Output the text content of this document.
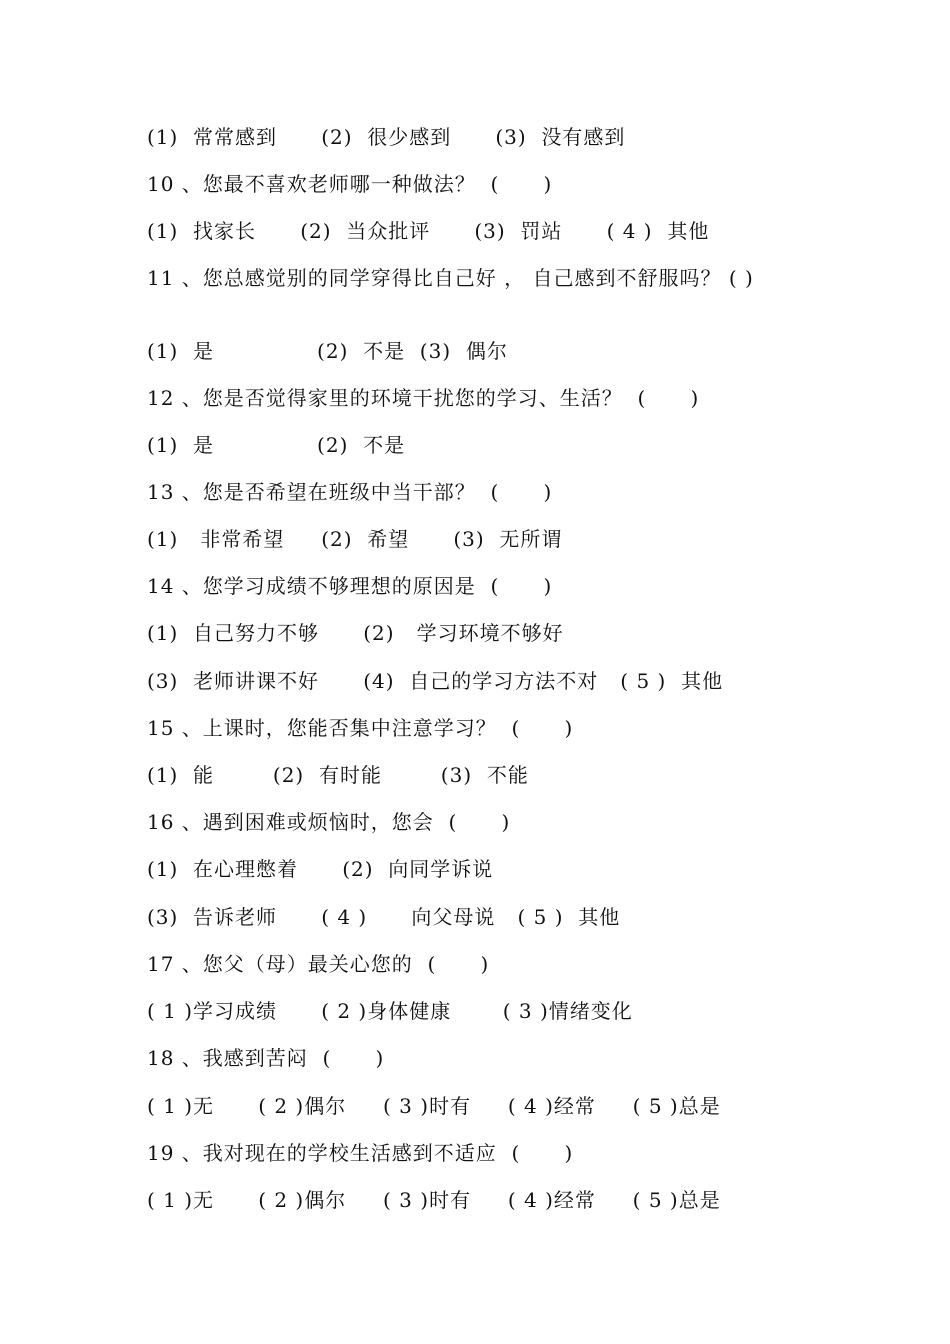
(1)  常常感到      (2)  很少感到      (3)  没有感到
10 、您最不喜欢老师哪一种做法？  (      )
(1)  找家长      (2)  当众批评      (3)  罚站      ( 4 )  其他
11 、您总感觉别的同学穿得比自己好 ， 自己感到不舒服吗？ ( )
(1)  是              (2)  不是  (3)  偶尔
12 、您是否觉得家里的环境干扰您的学习、生活？  (      )
(1)  是              (2)  不是
13 、您是否希望在班级中当干部？  (      )
(1)   非常希望     (2)  希望      (3)  无所谓
14 、您学习成绩不够理想的原因是  (      )
(1)  自己努力不够      (2)   学习环境不够好
(3)  老师讲课不好      (4)  自己的学习方法不对   ( 5 )  其他
15 、上课时，您能否集中注意学习？  (      )
(1)  能        (2)  有时能        (3)  不能
16 、遇到困难或烦恼时，您会  (      )
(1)  在心理憋着      (2)  向同学诉说
(3)  告诉老师      ( 4 )      向父母说   ( 5 )  其他
17 、您父（母）最关心您的  (      )
( 1 )学习成绩      ( 2 )身体健康       ( 3 )情绪变化
18 、我感到苦闷  (      )
( 1 )无      ( 2 )偶尔     ( 3 )时有     ( 4 )经常     ( 5 )总是
19 、我对现在的学校生活感到不适应  (      )
( 1 )无      ( 2 )偶尔     ( 3 )时有     ( 4 )经常     ( 5 )总是
